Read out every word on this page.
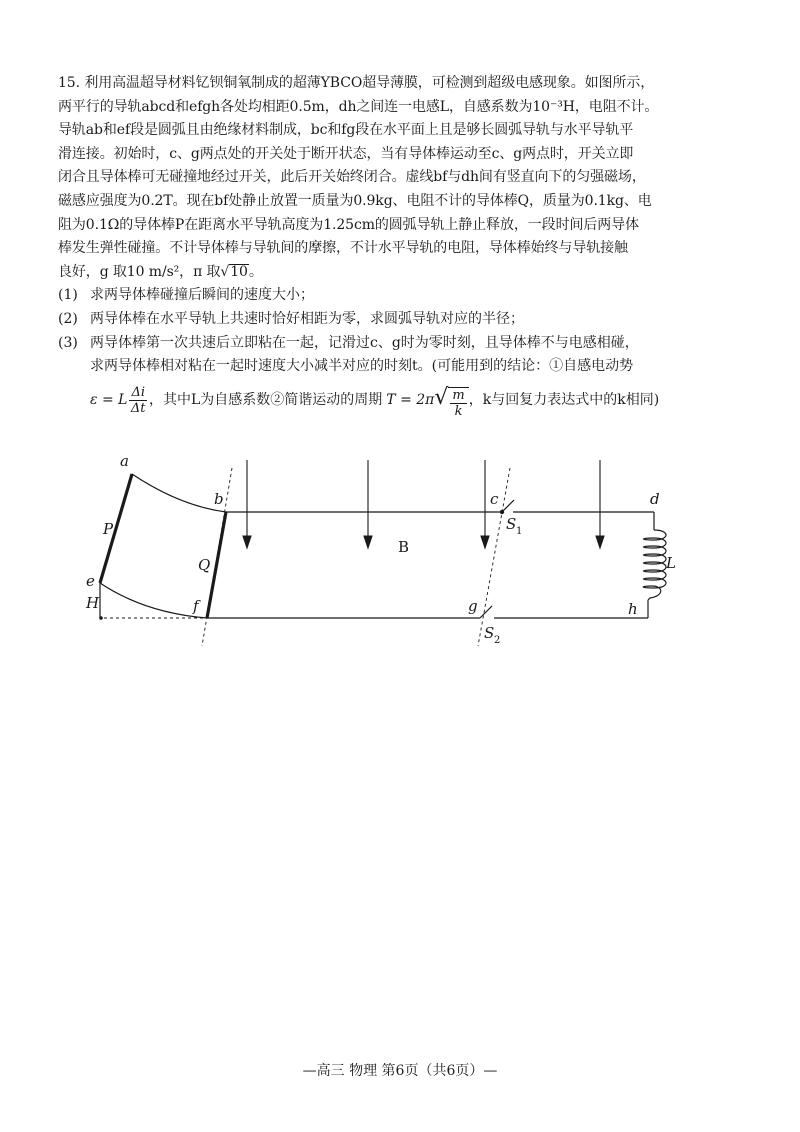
15. 利用高温超导材料钇钡铜氧制成的超薄YBCO超导薄膜，可检测到超级电感现象。如图所示，
两平行的导轨abcd和efgh各处均相距0.5m，dh之间连一电感L，自感系数为10⁻³H，电阻不计。
导轨ab和ef段是圆弧且由绝缘材料制成，bc和fg段在水平面上且是够长圆弧导轨与水平导轨平
滑连接。初始时，c、g两点处的开关处于断开状态，当有导体棒运动至c、g两点时，开关立即
闭合且导体棒可无碰撞地经过开关，此后开关始终闭合。虚线bf与dh间有竖直向下的匀强磁场，
磁感应强度为0.2T。现在bf处静止放置一质量为0.9kg、电阻不计的导体棒Q，质量为0.1kg、电
阻为0.1Ω的导体棒P在距离水平导轨高度为1.25cm的圆弧导轨上静止释放，一段时间后两导体
棒发生弹性碰撞。不计导体棒与导轨间的摩擦，不计水平导轨的电阻，导体棒始终与导轨接触
良好，g 取10 m/s²，π 取√10。
(1) 求两导体棒碰撞后瞬间的速度大小；
(2) 两导体棒在水平导轨上共速时恰好相距为零，求圆弧导轨对应的半径；
(3) 两导体棒第一次共速后立即粘在一起，记滑过c、g时为零时刻，且导体棒不与电感相碰，
求两导体棒相对粘在一起时速度大小减半对应的时刻t。(可能用到的结论：①自感电动势
ε = L $\frac{\Delta i}{\Delta t}$ ，其中L为自感系数②简谐运动的周期 T = 2π √ $\frac{m}{k}$ ，k与回复力表达式中的k相同)
a
b	c	d
e
f	g	h
P
Q
B
L
H
S 1
S 2
—高三 物理 第6页（共6页）—
